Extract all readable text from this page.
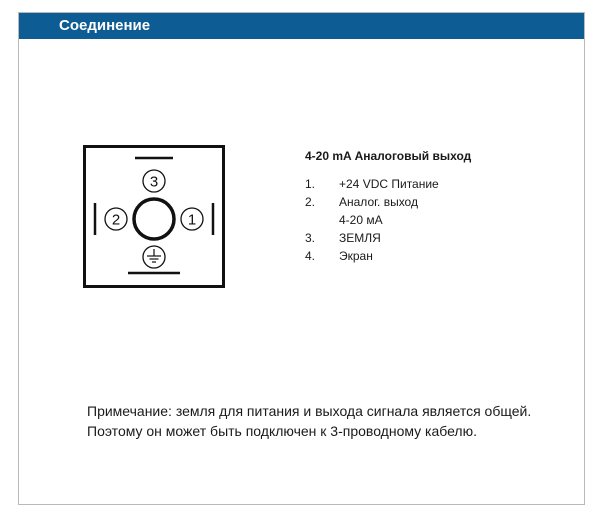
Соединение
3
2	1
4-20 mA Аналоговый выход
1.	+24 VDC Питание
2.	Аналог. выход
4-20 мА
3.	ЗЕМЛЯ
4.	Экран
Примечание: земля для питания и выхода сигнала является общей. Поэтому он может быть подключен к 3-проводному кабелю.
